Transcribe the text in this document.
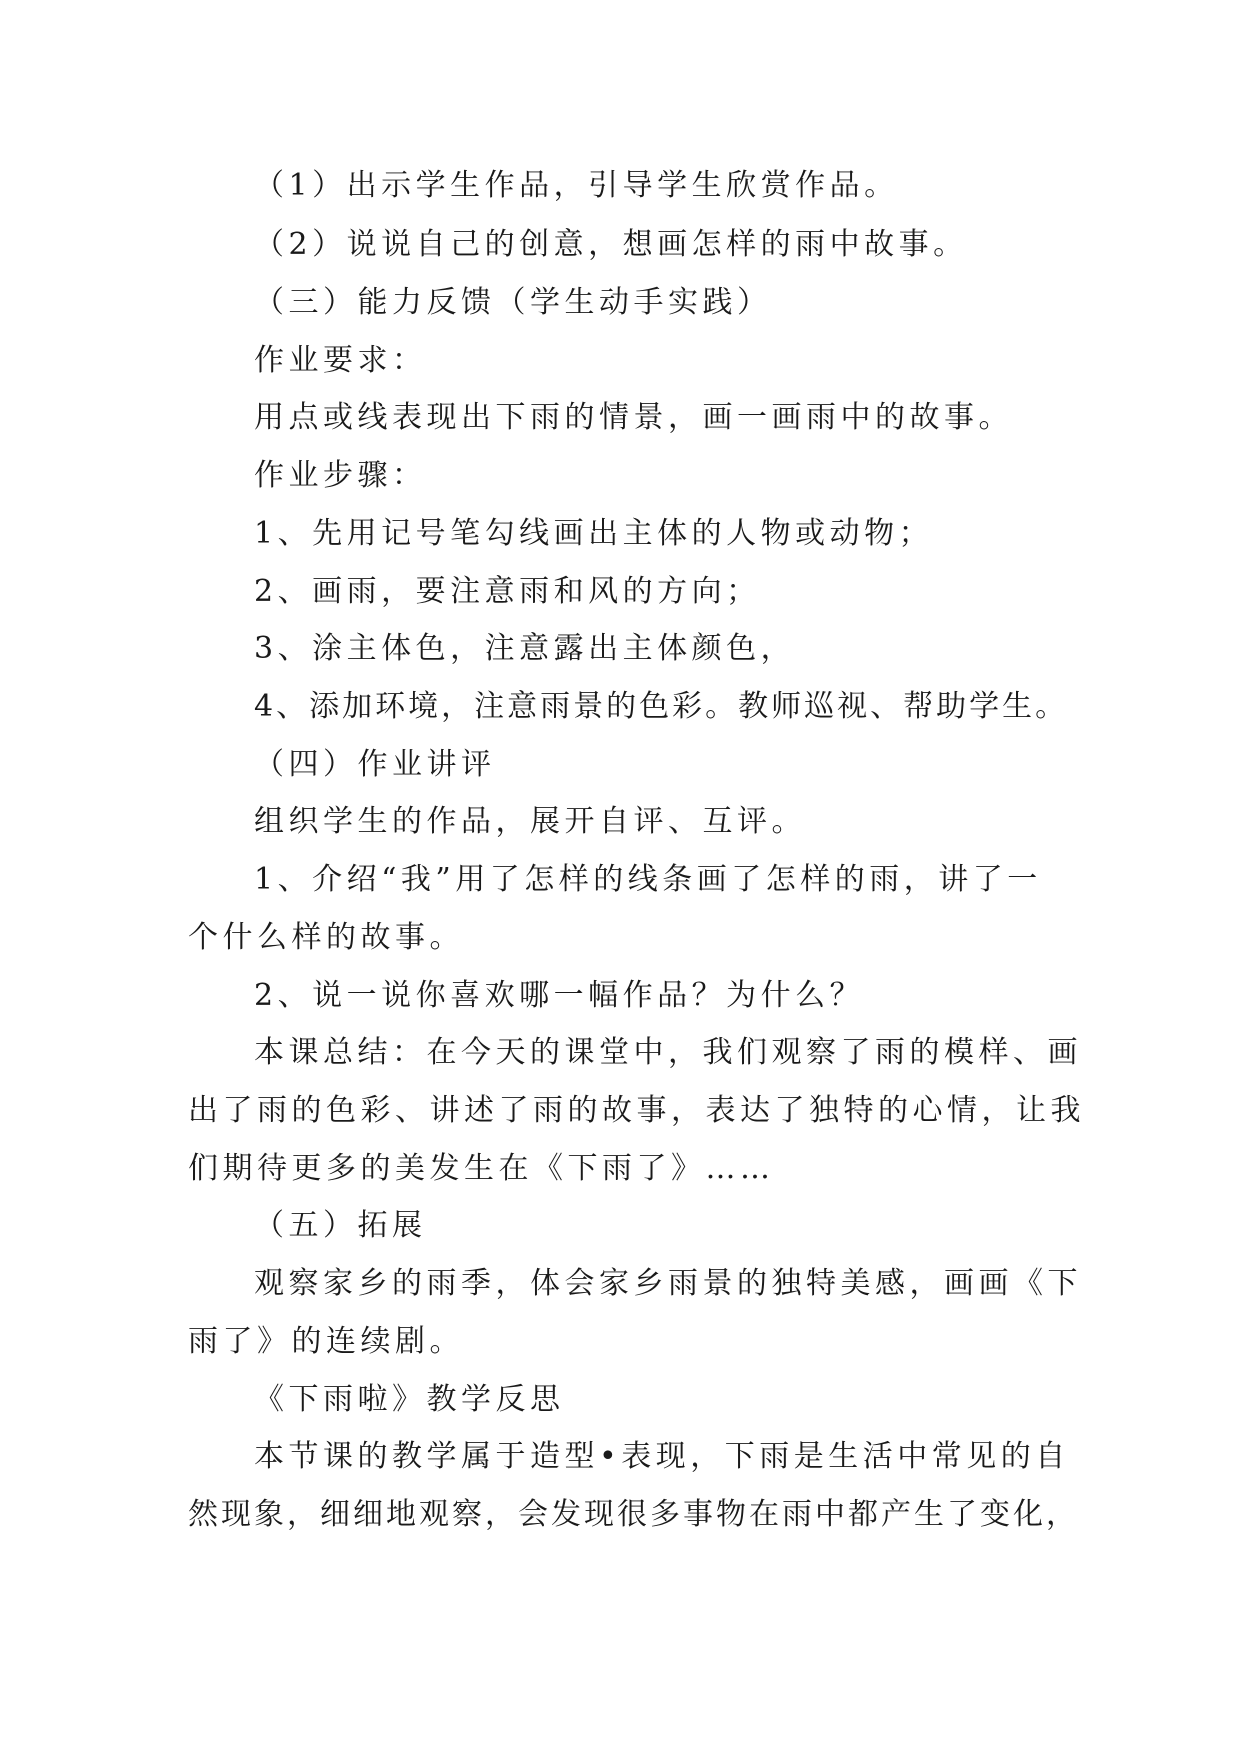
（1）出示学生作品，引导学生欣赏作品。
（2）说说自己的创意，想画怎样的雨中故事。
（三）能力反馈（学生动手实践）
作业要求：
用点或线表现出下雨的情景，画一画雨中的故事。
作业步骤：
1、先用记号笔勾线画出主体的人物或动物；
2、画雨，要注意雨和风的方向；
3、涂主体色，注意露出主体颜色，
4、添加环境，注意雨景的色彩。教师巡视、帮助学生。
（四）作业讲评
组织学生的作品，展开自评、互评。
1、介绍“我”用了怎样的线条画了怎样的雨，讲了一
个什么样的故事。
2、说一说你喜欢哪一幅作品？为什么？
本课总结：在今天的课堂中，我们观察了雨的模样、画
出了雨的色彩、讲述了雨的故事，表达了独特的心情，让我
们期待更多的美发生在《下雨了》……
（五）拓展
观察家乡的雨季，体会家乡雨景的独特美感，画画《下
雨了》的连续剧。
《下雨啦》教学反思
本节课的教学属于造型•表现，下雨是生活中常见的自
然现象，细细地观察，会发现很多事物在雨中都产生了变化，
